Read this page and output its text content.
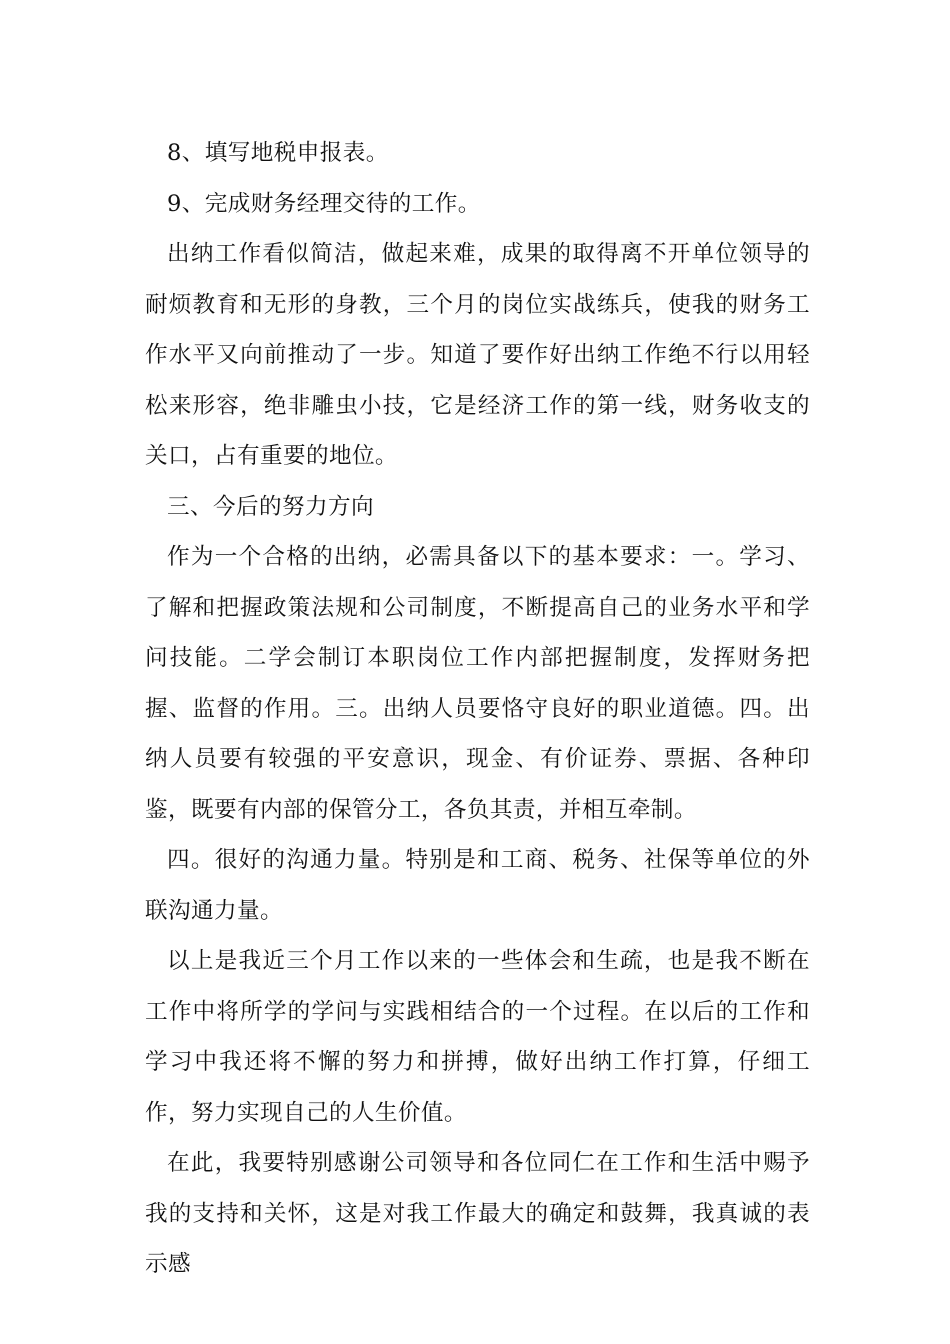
8、填写地税申报表。

9、完成财务经理交待的工作。

出纳工作看似简洁，做起来难，成果的取得离不开单位领导的耐烦教育和无形的身教，三个月的岗位实战练兵，使我的财务工作水平又向前推动了一步。知道了要作好出纳工作绝不行以用轻松来形容，绝非雕虫小技，它是经济工作的第一线，财务收支的关口，占有重要的地位。

三、今后的努力方向

作为一个合格的出纳，必需具备以下的基本要求：一。学习、了解和把握政策法规和公司制度，不断提高自己的业务水平和学问技能。二学会制订本职岗位工作内部把握制度，发挥财务把握、监督的作用。三。出纳人员要恪守良好的职业道德。四。出纳人员要有较强的平安意识，现金、有价证券、票据、各种印鉴，既要有内部的保管分工，各负其责，并相互牵制。

四。很好的沟通力量。特别是和工商、税务、社保等单位的外联沟通力量。

以上是我近三个月工作以来的一些体会和生疏，也是我不断在工作中将所学的学问与实践相结合的一个过程。在以后的工作和学习中我还将不懈的努力和拼搏，做好出纳工作打算，仔细工作，努力实现自己的人生价值。

在此，我要特别感谢公司领导和各位同仁在工作和生活中赐予我的支持和关怀，这是对我工作最大的确定和鼓舞，我真诚的表示感
